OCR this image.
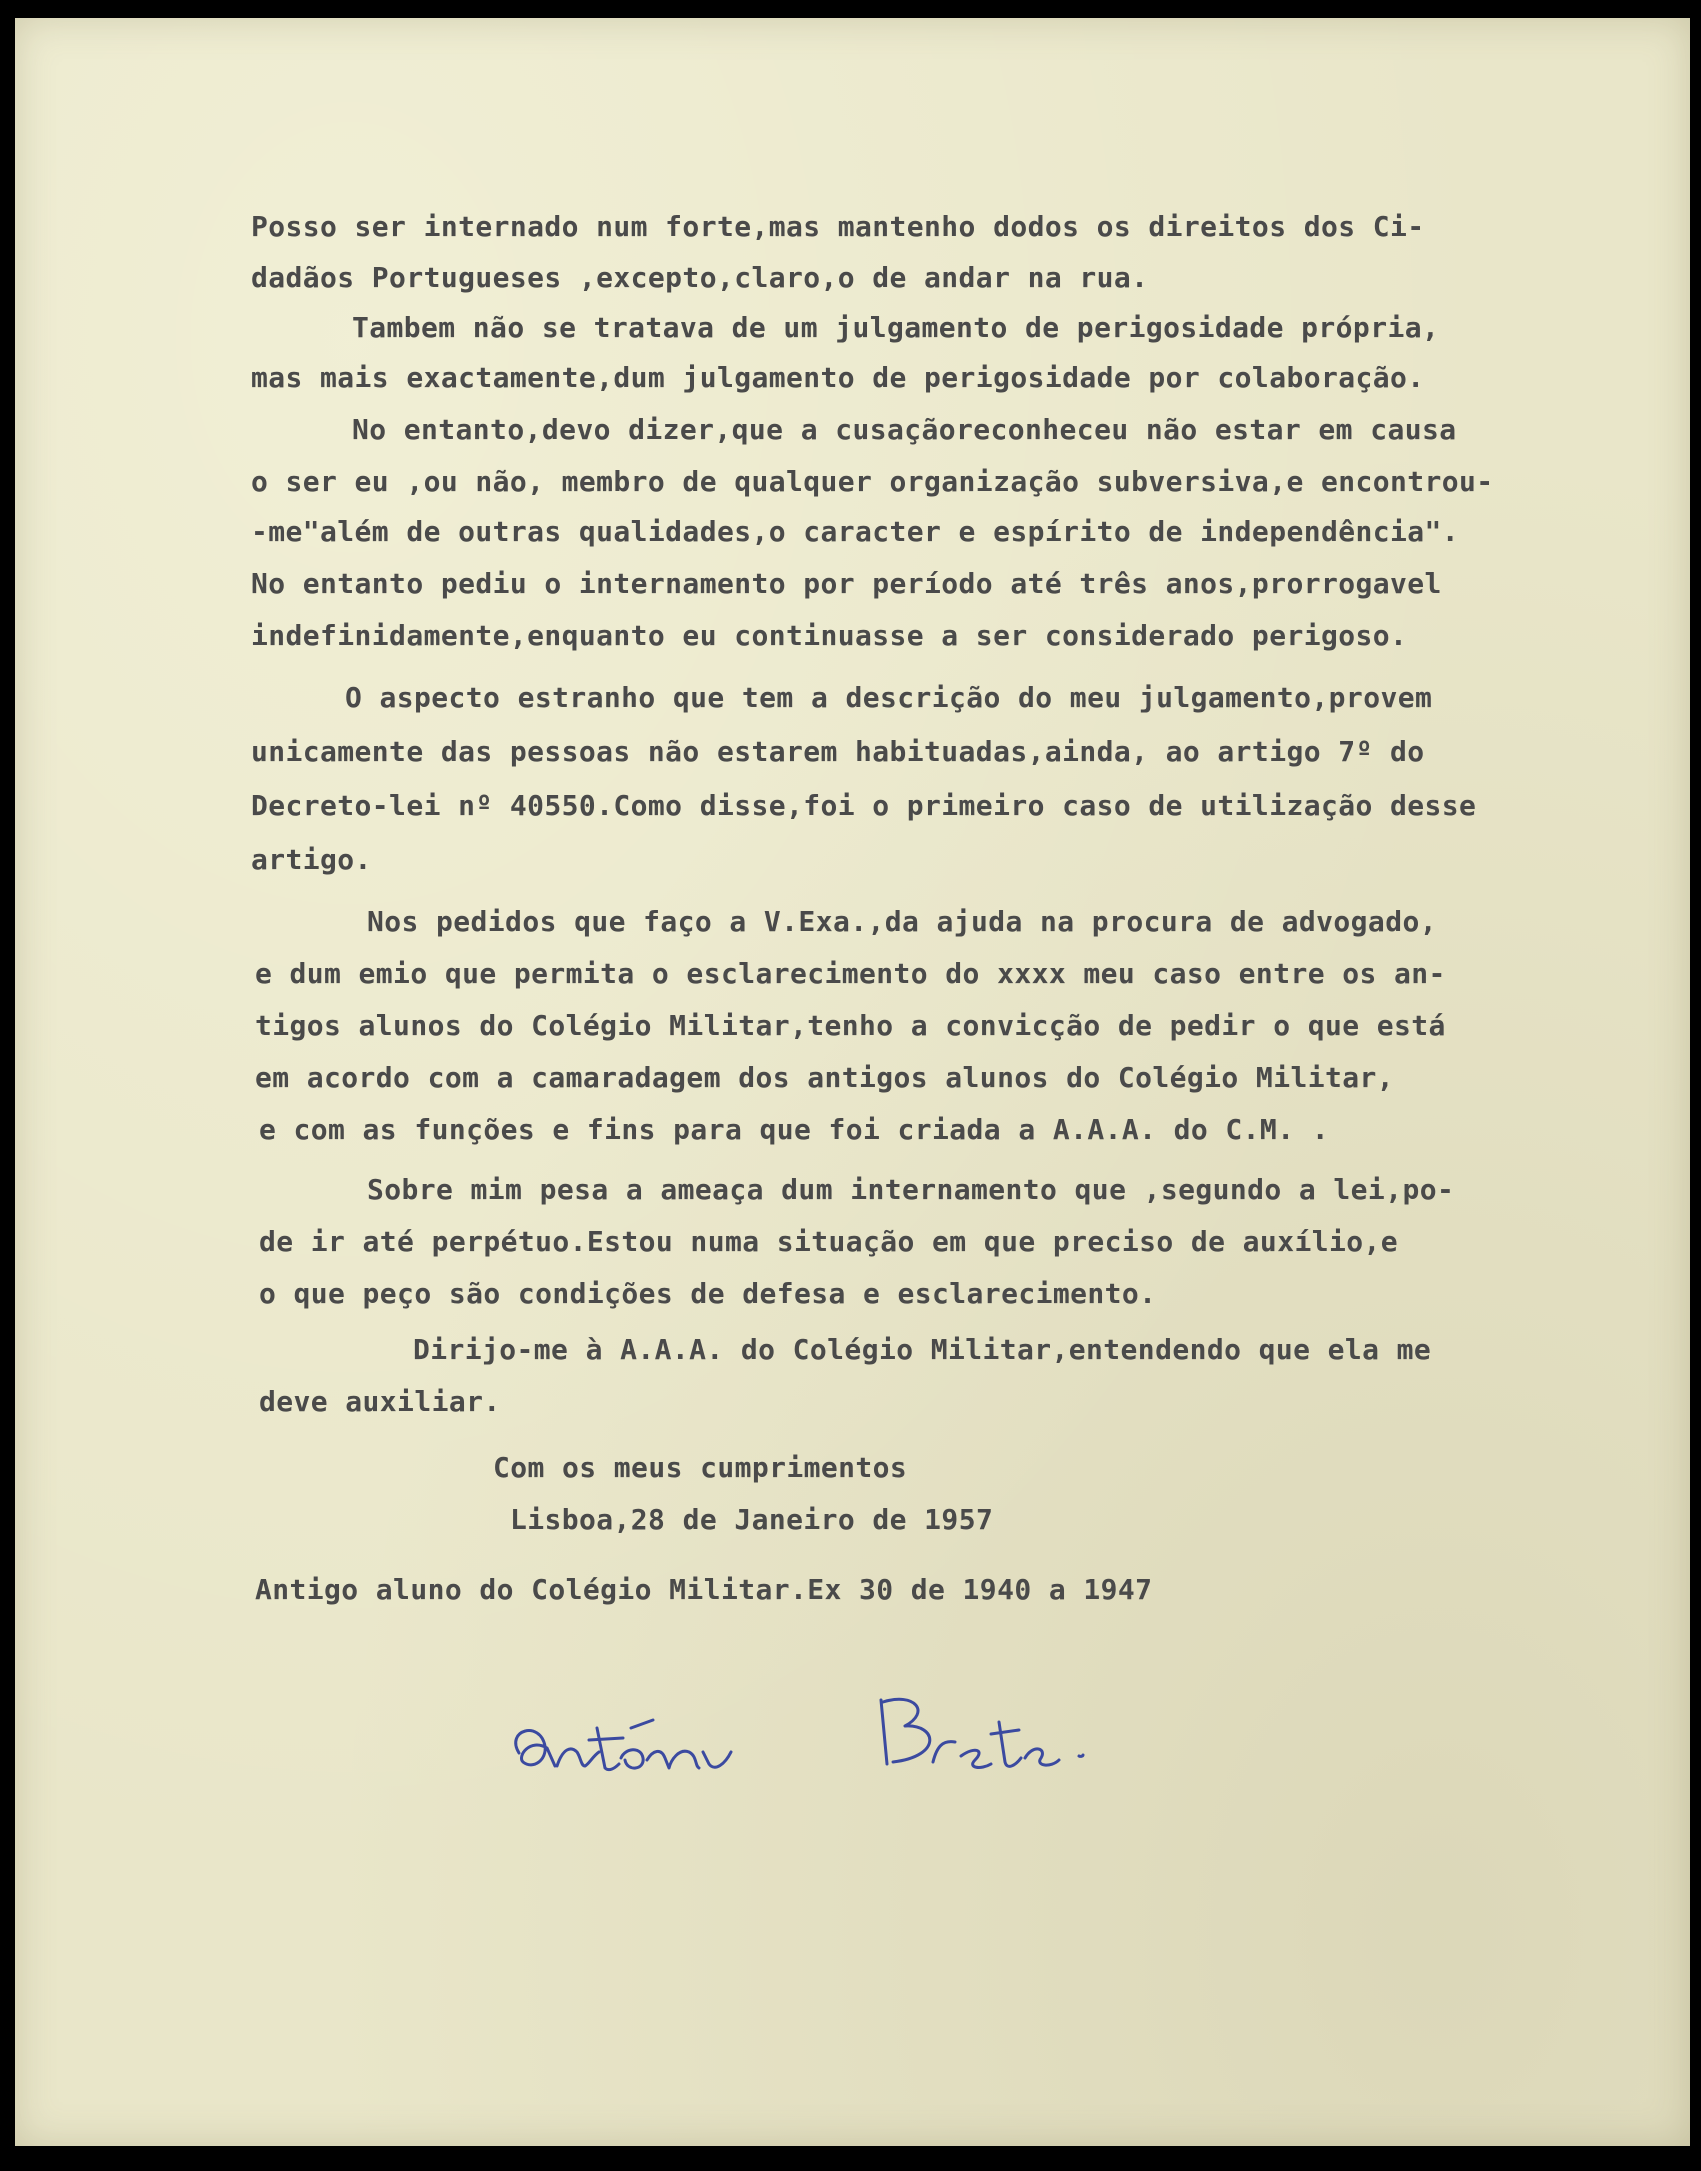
Posso ser internado num forte,mas mantenho dodos os direitos dos Ci-
dadãos Portugueses ,excepto,claro,o de andar na rua.
Tambem não se tratava de um julgamento de perigosidade própria,
mas mais exactamente,dum julgamento de perigosidade por colaboração.
No entanto,devo dizer,que a cusaçãoreconheceu não estar em causa
o ser eu ,ou não, membro de qualquer organização subversiva,e encontrou-
-me"além de outras qualidades,o caracter e espírito de independência".
No entanto pediu o internamento por período até três anos,prorrogavel
indefinidamente,enquanto eu continuasse a ser considerado perigoso.
O aspecto estranho que tem a descrição do meu julgamento,provem
unicamente das pessoas não estarem habituadas,ainda, ao artigo 7º do
Decreto-lei nº 40550.Como disse,foi o primeiro caso de utilização desse
artigo.
Nos pedidos que faço a V.Exa.,da ajuda na procura de advogado,
e dum emio que permita o esclarecimento do xxxx meu caso entre os an-
tigos alunos do Colégio Militar,tenho a convicção de pedir o que está
em acordo com a camaradagem dos antigos alunos do Colégio Militar,
e com as funções e fins para que foi criada a A.A.A. do C.M. .
Sobre mim pesa a ameaça dum internamento que ,segundo a lei,po-
de ir até perpétuo.Estou numa situação em que preciso de auxílio,e
o que peço são condições de defesa e esclarecimento.
Dirijo-me à A.A.A. do Colégio Militar,entendendo que ela me
deve auxiliar.
Com os meus cumprimentos
Lisboa,28 de Janeiro de 1957
Antigo aluno do Colégio Militar.Ex 30 de 1940 a 1947
